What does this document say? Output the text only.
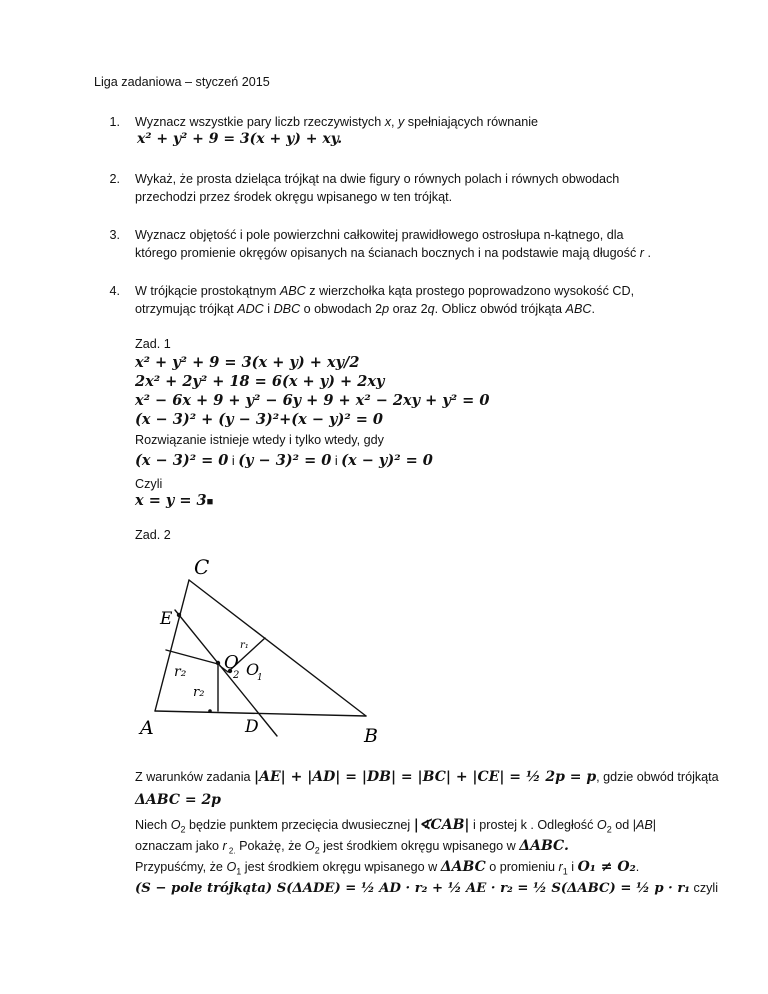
Liga zadaniowa – styczeń 2015
1. Wyznacz wszystkie pary liczb rzeczywistych x, y spełniających równanie
x² + y² + 9 = 3(x + y) + xy.
2. Wykaż, że prosta dzieląca trójkąt na dwie figury o równych polach i równych obwodach
przechodzi przez środek okręgu wpisanego w ten trójkąt.
3. Wyznacz objętość i pole powierzchni całkowitej prawidłowego ostrosłupa n-kątnego, dla
którego promienie okręgów opisanych na ścianach bocznych i na podstawie mają długość r .
4. W trójkącie prostokątnym ABC z wierzchołka kąta prostego poprowadzono wysokość CD,
otrzymując trójkąt ADC i DBC o obwodach 2p oraz 2q. Oblicz obwód trójkąta ABC.
Zad. 1
x² + y² + 9 = 3(x + y) + xy/2
2x² + 2y² + 18 = 6(x + y) + 2xy
x² − 6x + 9 + y² − 6y + 9 + x² − 2xy + y² = 0
(x − 3)² + (y − 3)²+(x − y)² = 0
Rozwiązanie istnieje wtedy i tylko wtedy, gdy
(x − 3)² = 0 i (y − 3)² = 0 i (x − y)² = 0
Czyli
x = y = 3■
Zad. 2
C
E
A	D	B
O
2 O
1
r₁
r₂
r₂
Z warunków zadania |AE| + |AD| = |DB| = |BC| + |CE| = ½ 2p = p, gdzie obwód trójkąta
ΔABC = 2p
Niech $O_2$ będzie punktem przecięcia dwusiecznej |∢CAB| i prostej k . Odległość $O_2$ od |AB|
oznaczam jako r $_{2.}$ Pokażę, że $O_2$ jest środkiem okręgu wpisanego w ΔABC.
Przypuśćmy, że $O_1$ jest środkiem okręgu wpisanego w ΔABC o promieniu $r_1$ i O₁ ≠ O₂.
(S − pole trójkąta) S(ΔADE) = ½ AD · r₂ + ½ AE · r₂ = ½ S(ΔABC) = ½ p · r₁ czyli
